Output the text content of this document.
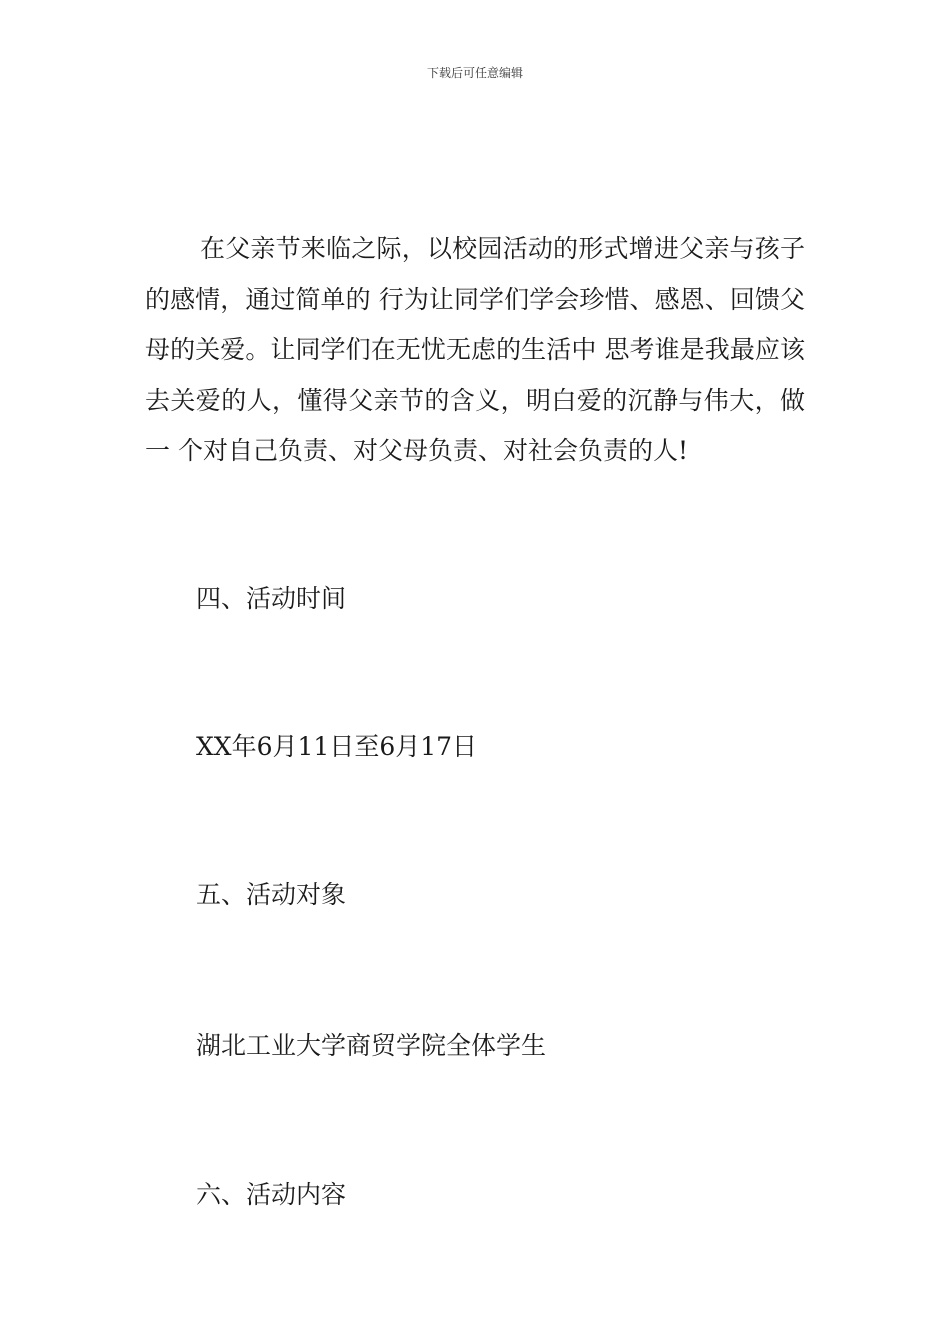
下载后可任意编辑

在父亲节来临之际，以校园活动的形式增进父亲与孩子的感情，通过简单的 行为让同学们学会珍惜、感恩、回馈父母的关爱。让同学们在无忧无虑的生活中 思考谁是我最应该去关爱的人，懂得父亲节的含义，明白爱的沉静与伟大，做一 个对自己负责、对父母负责、对社会负责的人!

四、活动时间

XX年6月11日至6月17日

五、活动对象

湖北工业大学商贸学院全体学生

六、活动内容
